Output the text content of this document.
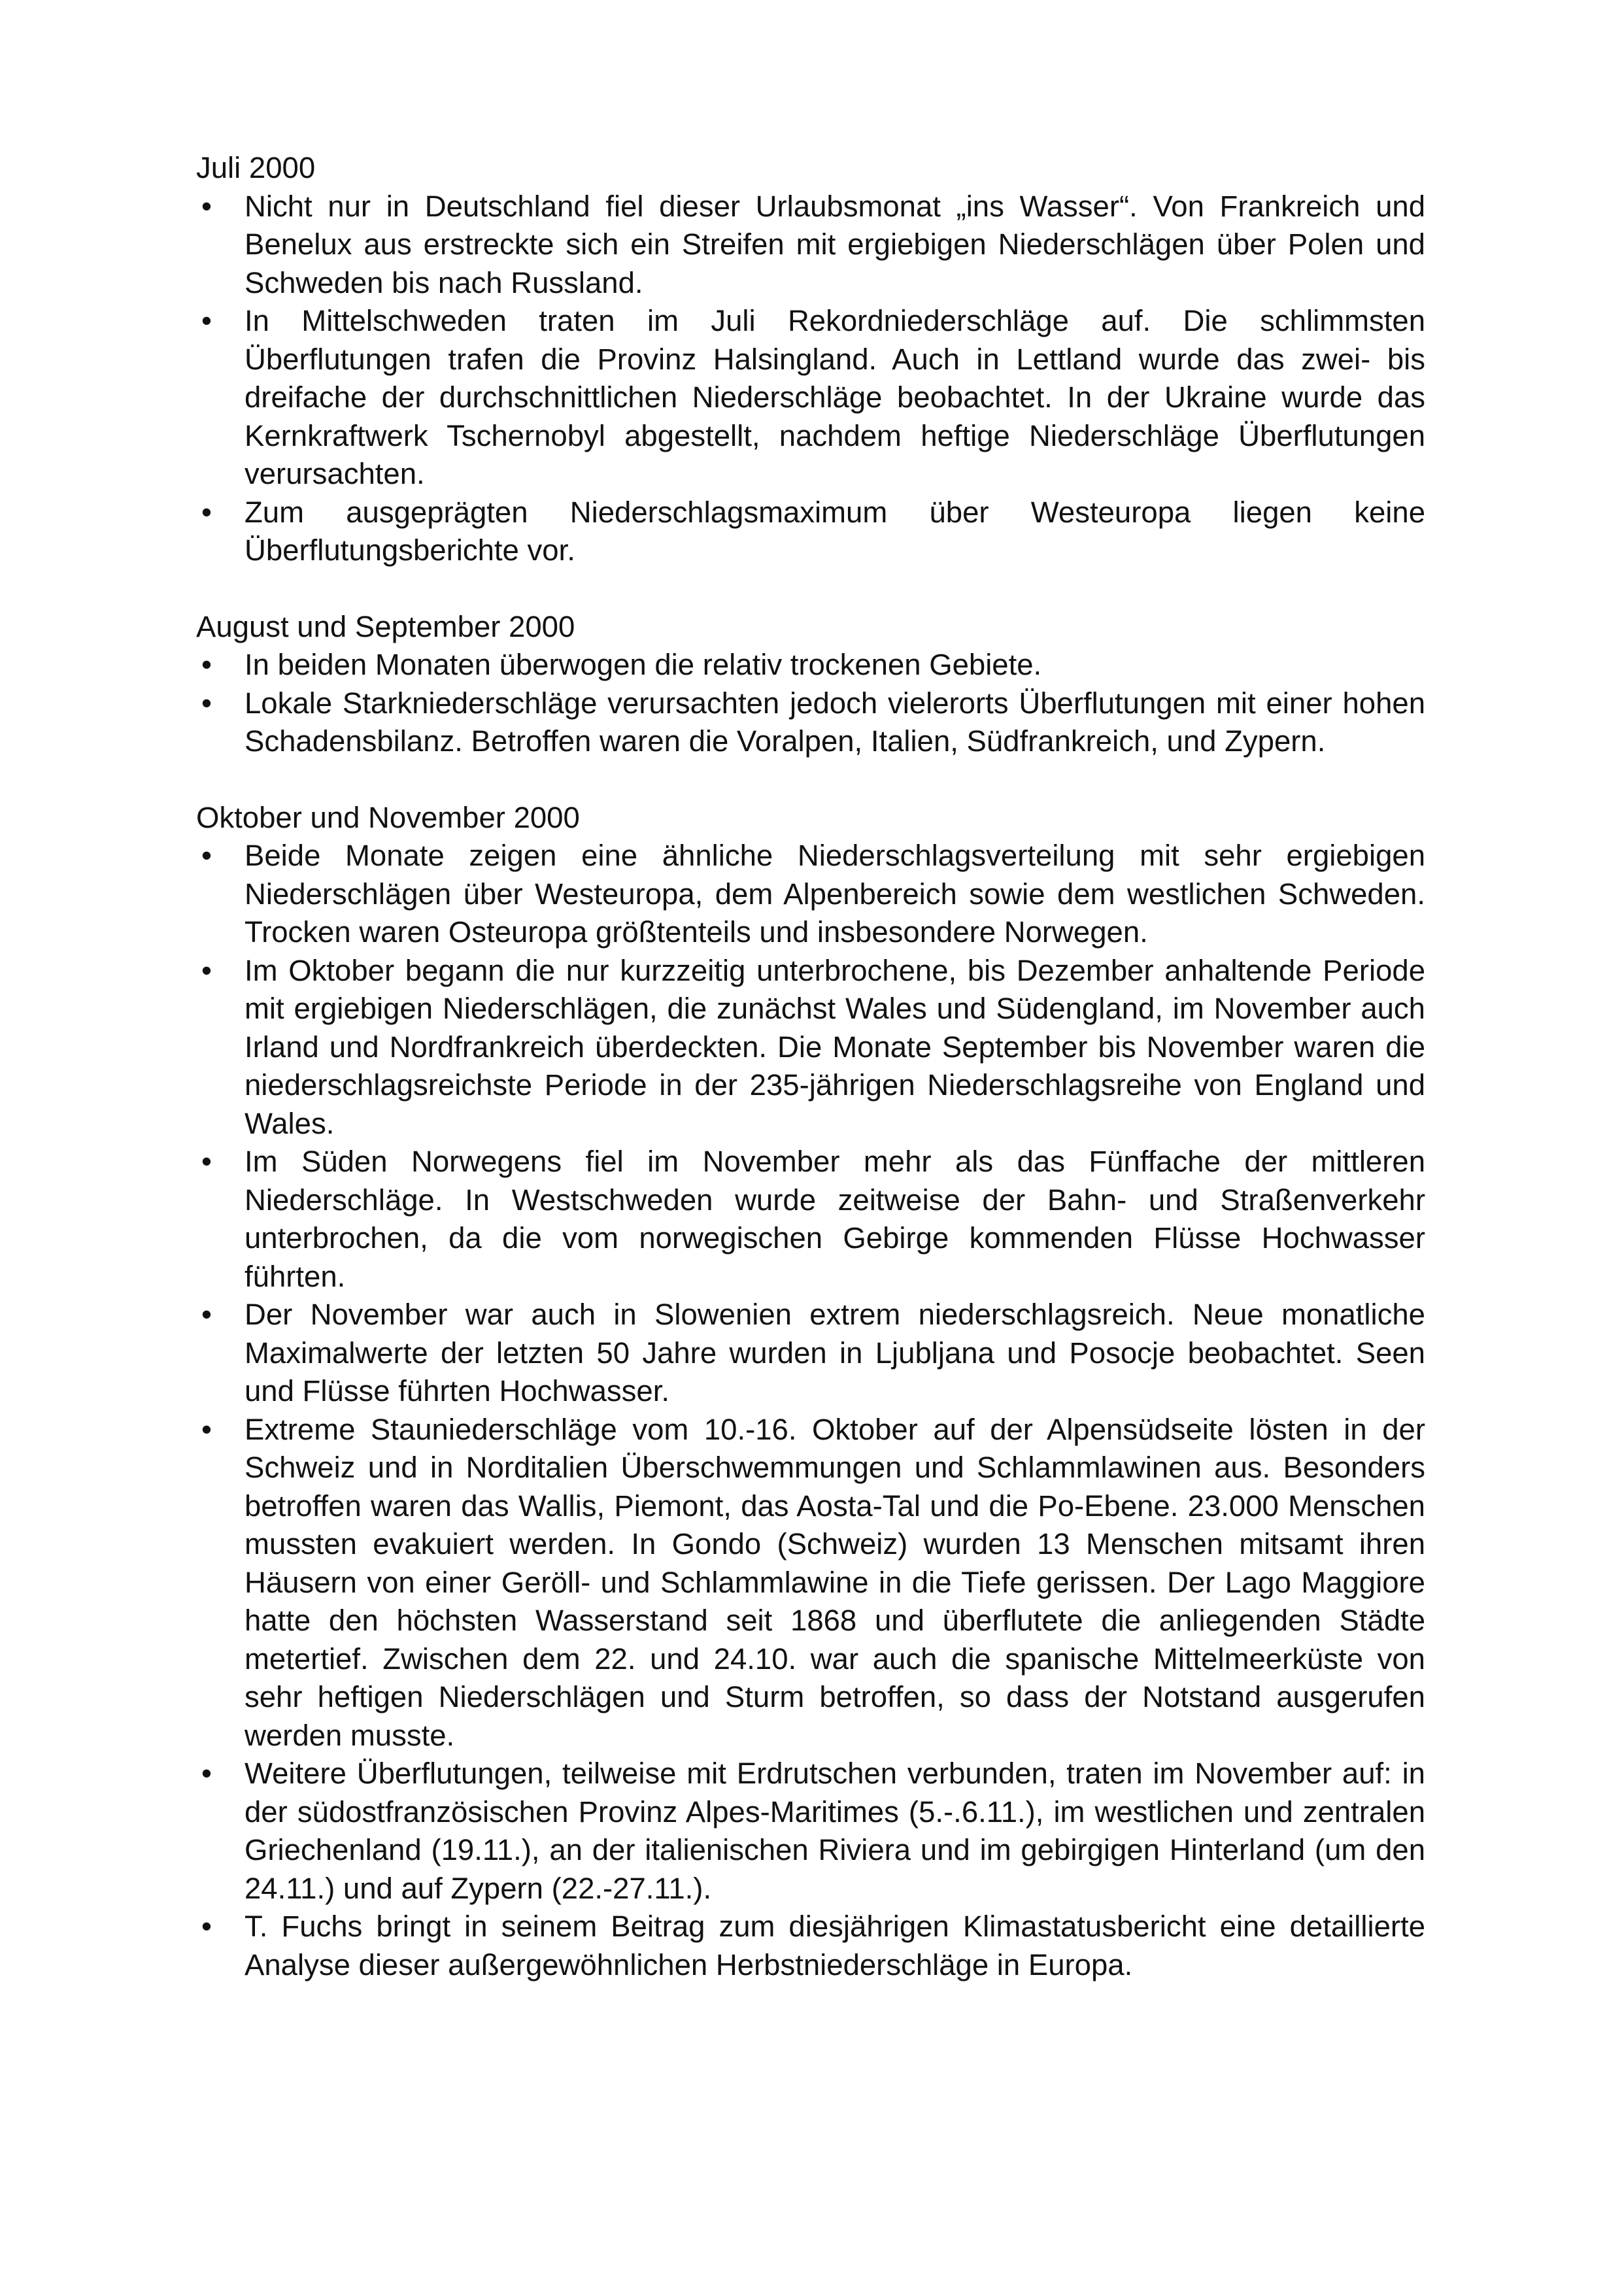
Juli 2000
•	Nicht nur in Deutschland fiel dieser Urlaubsmonat „ins Wasser“. Von Frankreich und Benelux aus erstreckte sich ein Streifen mit ergiebigen Niederschlägen über Polen und Schweden bis nach Russland.
•	In Mittelschweden traten im Juli Rekordniederschläge auf. Die schlimmsten Überflutungen trafen die Provinz Halsingland. Auch in Lettland wurde das zwei- bis dreifache der durchschnittlichen Niederschläge beobachtet. In der Ukraine wurde das Kernkraftwerk Tschernobyl abgestellt, nachdem heftige Niederschläge Überflutungen verursachten.
•	Zum ausgeprägten Niederschlagsmaximum über Westeuropa liegen keine Überflutungsberichte vor.
August und September 2000
•	In beiden Monaten überwogen die relativ trockenen Gebiete.
•	Lokale Starkniederschläge verursachten jedoch vielerorts Überflutungen mit einer hohen Schadensbilanz. Betroffen waren die Voralpen, Italien, Südfrankreich, und Zypern.
Oktober und November 2000
•	Beide Monate zeigen eine ähnliche Niederschlagsverteilung mit sehr ergiebigen Niederschlägen über Westeuropa, dem Alpenbereich sowie dem westlichen Schweden. Trocken waren Osteuropa größtenteils und insbesondere Norwegen.
•	Im Oktober begann die nur kurzzeitig unterbrochene, bis Dezember anhaltende Periode mit ergiebigen Niederschlägen, die zunächst Wales und Südengland, im November auch Irland und Nordfrankreich überdeckten. Die Monate September bis November waren die niederschlagsreichste Periode in der 235-jährigen Niederschlagsreihe von England und Wales.
•	Im Süden Norwegens fiel im November mehr als das Fünffache der mittleren Niederschläge. In Westschweden wurde zeitweise der Bahn- und Straßenverkehr unterbrochen, da die vom norwegischen Gebirge kommenden Flüsse Hochwasser führten.
•	Der November war auch in Slowenien extrem niederschlagsreich. Neue monatliche Maximalwerte der letzten 50 Jahre wurden in Ljubljana und Posocje beobachtet. Seen und Flüsse führten Hochwasser.
•	Extreme Stauniederschläge vom 10.-16. Oktober auf der Alpensüdseite lösten in der Schweiz und in Norditalien Überschwemmungen und Schlammlawinen aus. Besonders betroffen waren das Wallis, Piemont, das Aosta-Tal und die Po-Ebene. 23.000 Menschen mussten evakuiert werden. In Gondo (Schweiz) wurden 13 Menschen mitsamt ihren Häusern von einer Geröll- und Schlammlawine in die Tiefe gerissen. Der Lago Maggiore hatte den höchsten Wasserstand seit 1868 und überflutete die anliegenden Städte metertief. Zwischen dem 22. und 24.10. war auch die spanische Mittelmeerküste von sehr heftigen Niederschlägen und Sturm betroffen, so dass der Notstand ausgerufen werden musste.
•	Weitere Überflutungen, teilweise mit Erdrutschen verbunden, traten im November auf: in der südostfranzösischen Provinz Alpes-Maritimes (5.-.6.11.), im westlichen und zentralen Griechenland (19.11.), an der italienischen Riviera und im gebirgigen Hinterland (um den 24.11.) und auf Zypern (22.-27.11.).
•	T. Fuchs bringt in seinem Beitrag zum diesjährigen Klimastatusbericht eine detaillierte Analyse dieser außergewöhnlichen Herbstniederschläge in Europa.
